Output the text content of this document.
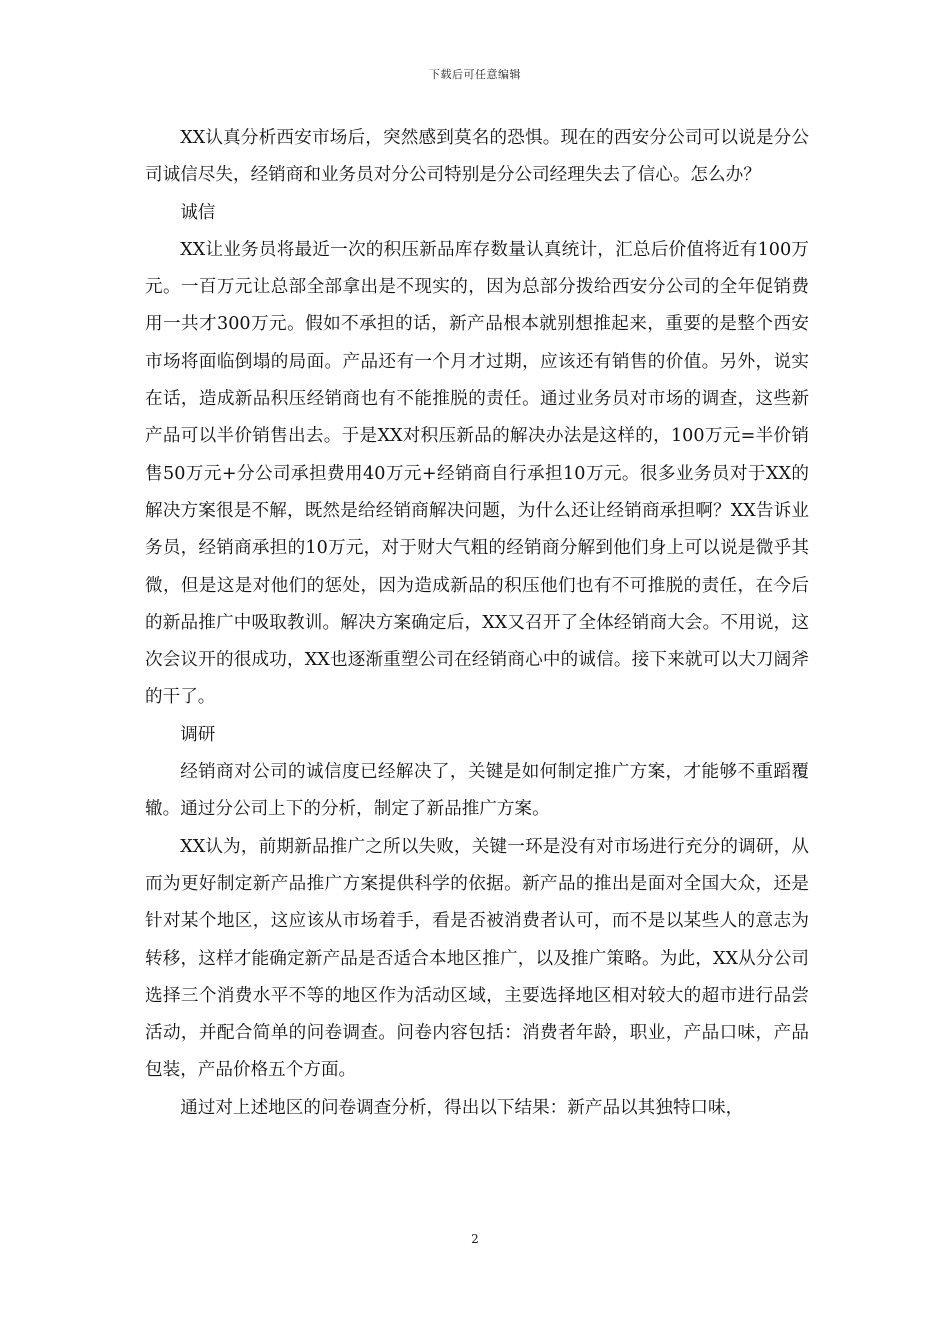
下载后可任意编辑

XX认真分析西安市场后，突然感到莫名的恐惧。现在的西安分公司可以说是分公司诚信尽失，经销商和业务员对分公司特别是分公司经理失去了信心。怎么办？

诚信

XX让业务员将最近一次的积压新品库存数量认真统计，汇总后价值将近有100万元。一百万元让总部全部拿出是不现实的，因为总部分拨给西安分公司的全年促销费用一共才300万元。假如不承担的话，新产品根本就别想推起来，重要的是整个西安市场将面临倒塌的局面。产品还有一个月才过期，应该还有销售的价值。另外，说实在话，造成新品积压经销商也有不能推脱的责任。通过业务员对市场的调查，这些新产品可以半价销售出去。于是XX对积压新品的解决办法是这样的，100万元=半价销售50万元+分公司承担费用40万元+经销商自行承担10万元。很多业务员对于XX的解决方案很是不解，既然是给经销商解决问题，为什么还让经销商承担啊？XX告诉业务员，经销商承担的10万元，对于财大气粗的经销商分解到他们身上可以说是微乎其微，但是这是对他们的惩处，因为造成新品的积压他们也有不可推脱的责任，在今后的新品推广中吸取教训。解决方案确定后，XX又召开了全体经销商大会。不用说，这次会议开的很成功，XX也逐渐重塑公司在经销商心中的诚信。接下来就可以大刀阔斧的干了。

调研

经销商对公司的诚信度已经解决了，关键是如何制定推广方案，才能够不重蹈覆辙。通过分公司上下的分析，制定了新品推广方案。

XX认为，前期新品推广之所以失败，关键一环是没有对市场进行充分的调研，从而为更好制定新产品推广方案提供科学的依据。新产品的推出是面对全国大众，还是针对某个地区，这应该从市场着手，看是否被消费者认可，而不是以某些人的意志为转移，这样才能确定新产品是否适合本地区推广，以及推广策略。为此，XX从分公司选择三个消费水平不等的地区作为活动区域，主要选择地区相对较大的超市进行品尝活动，并配合简单的问卷调查。问卷内容包括：消费者年龄，职业，产品口味，产品包装，产品价格五个方面。

通过对上述地区的问卷调查分析，得出以下结果：新产品以其独特口味，

2
